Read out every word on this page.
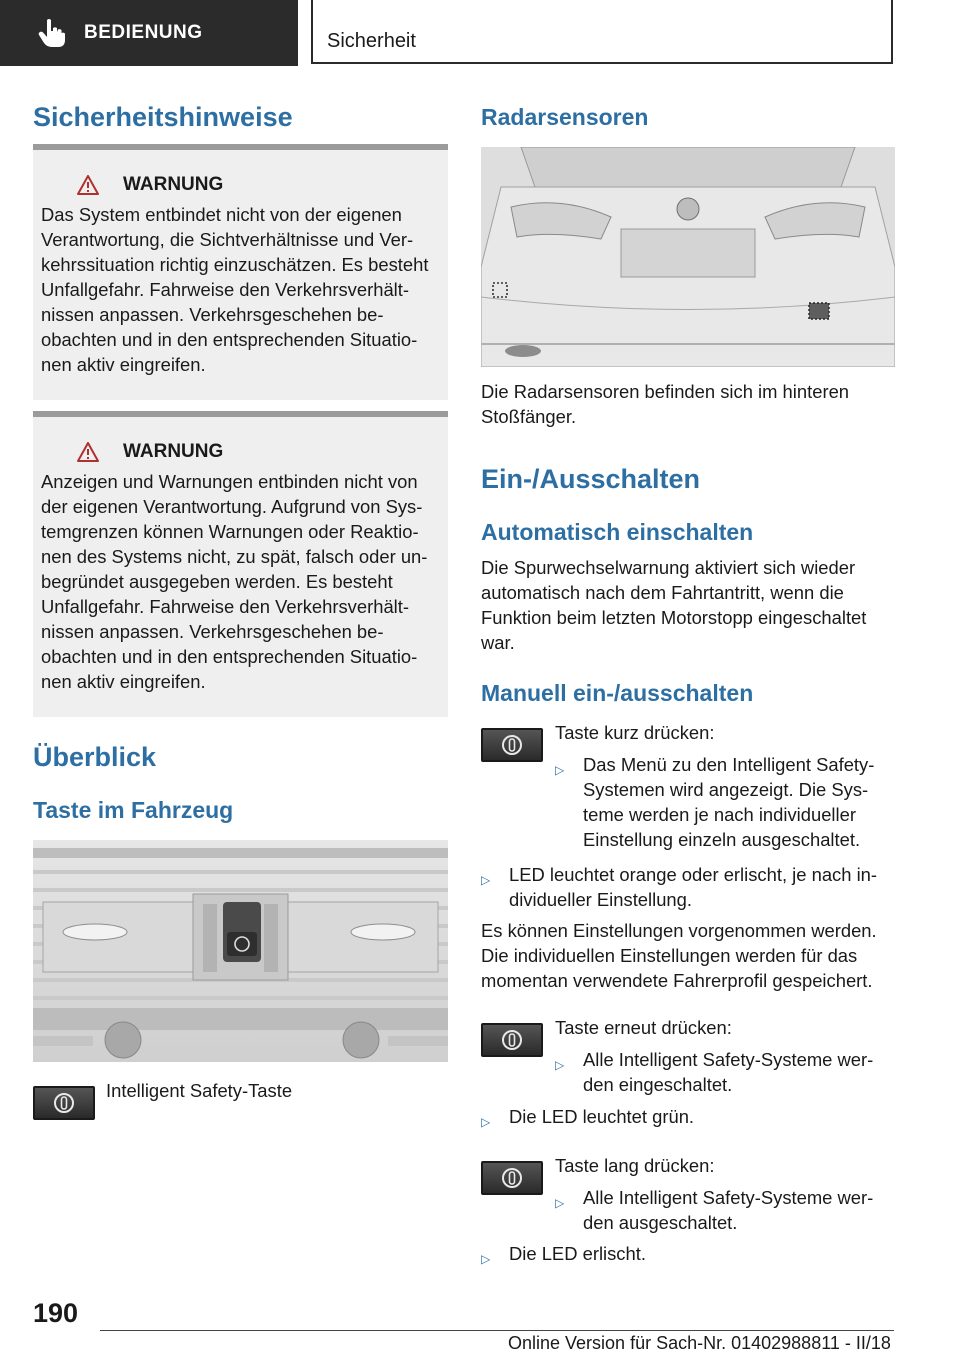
BEDIENUNG	Sicherheit
Sicherheitshinweise
WARNUNG
Das System entbindet nicht von der eigenen Verantwortung, die Sichtverhältnisse und Ver-kehrssituation richtig einzuschätzen. Es besteht Unfallgefahr. Fahrweise den Verkehrsverhält-nissen anpassen. Verkehrsgeschehen be-obachten und in den entsprechenden Situatio-nen aktiv eingreifen.
WARNUNG
Anzeigen und Warnungen entbinden nicht von der eigenen Verantwortung. Aufgrund von Sys-temgrenzen können Warnungen oder Reaktio-nen des Systems nicht, zu spät, falsch oder un-begründet ausgegeben werden. Es besteht Unfallgefahr. Fahrweise den Verkehrsverhält-nissen anpassen. Verkehrsgeschehen be-obachten und in den entsprechenden Situatio-nen aktiv eingreifen.
Überblick
Taste im Fahrzeug
Intelligent Safety-Taste
Radarsensoren
Die Radarsensoren befinden sich im hinteren Stoßfänger.
Ein-/Ausschalten
Automatisch einschalten
Die Spurwechselwarnung aktiviert sich wieder automatisch nach dem Fahrtantritt, wenn die Funktion beim letzten Motorstopp eingeschaltet war.
Manuell ein-/ausschalten
Taste kurz drücken:
▷	Das Menü zu den Intelligent Safety-Systemen wird angezeigt. Die Sys-teme werden je nach individueller Einstellung einzeln ausgeschaltet.
▷	LED leuchtet orange oder erlischt, je nach in-dividueller Einstellung.
Es können Einstellungen vorgenommen werden. Die individuellen Einstellungen werden für das momentan verwendete Fahrerprofil gespeichert.
Taste erneut drücken:
▷	Alle Intelligent Safety-Systeme wer-den eingeschaltet.
▷	Die LED leuchtet grün.
Taste lang drücken:
▷	Alle Intelligent Safety-Systeme wer-den ausgeschaltet.
▷	Die LED erlischt.
190
Online Version für Sach-Nr. 01402988811 - II/18
